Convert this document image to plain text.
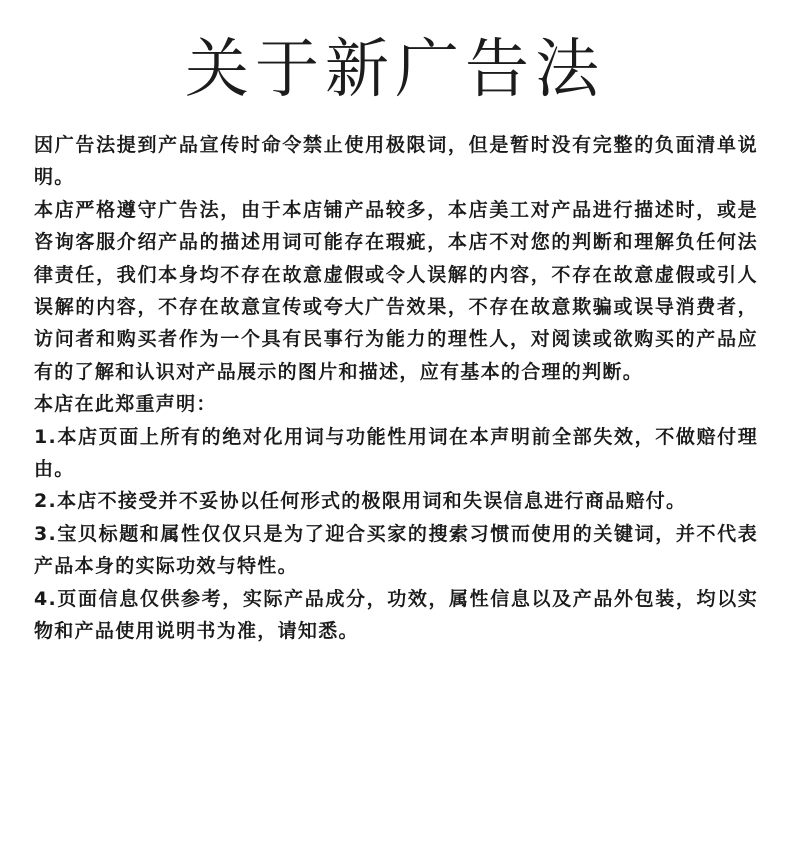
关于新广告法

因广告法提到产品宣传时命令禁止使用极限词，但是暂时没有完整的负面清单说明。

本店严格遵守广告法，由于本店铺产品较多，本店美工对产品进行描述时，或是咨询客服介绍产品的描述用词可能存在瑕疵，本店不对您的判断和理解负任何法律责任，我们本身均不存在故意虚假或令人误解的内容，不存在故意虚假或引人误解的内容，不存在故意宣传或夸大广告效果，不存在故意欺骗或误导消费者，访问者和购买者作为一个具有民事行为能力的理性人，对阅读或欲购买的产品应有的了解和认识对产品展示的图片和描述，应有基本的合理的判断。

本店在此郑重声明：

1.本店页面上所有的绝对化用词与功能性用词在本声明前全部失效，不做赔付理由。

2.本店不接受并不妥协以任何形式的极限用词和失误信息进行商品赔付。

3.宝贝标题和属性仅仅只是为了迎合买家的搜索习惯而使用的关键词，并不代表产品本身的实际功效与特性。

4.页面信息仅供参考，实际产品成分，功效，属性信息以及产品外包装，均以实物和产品使用说明书为准，请知悉。
